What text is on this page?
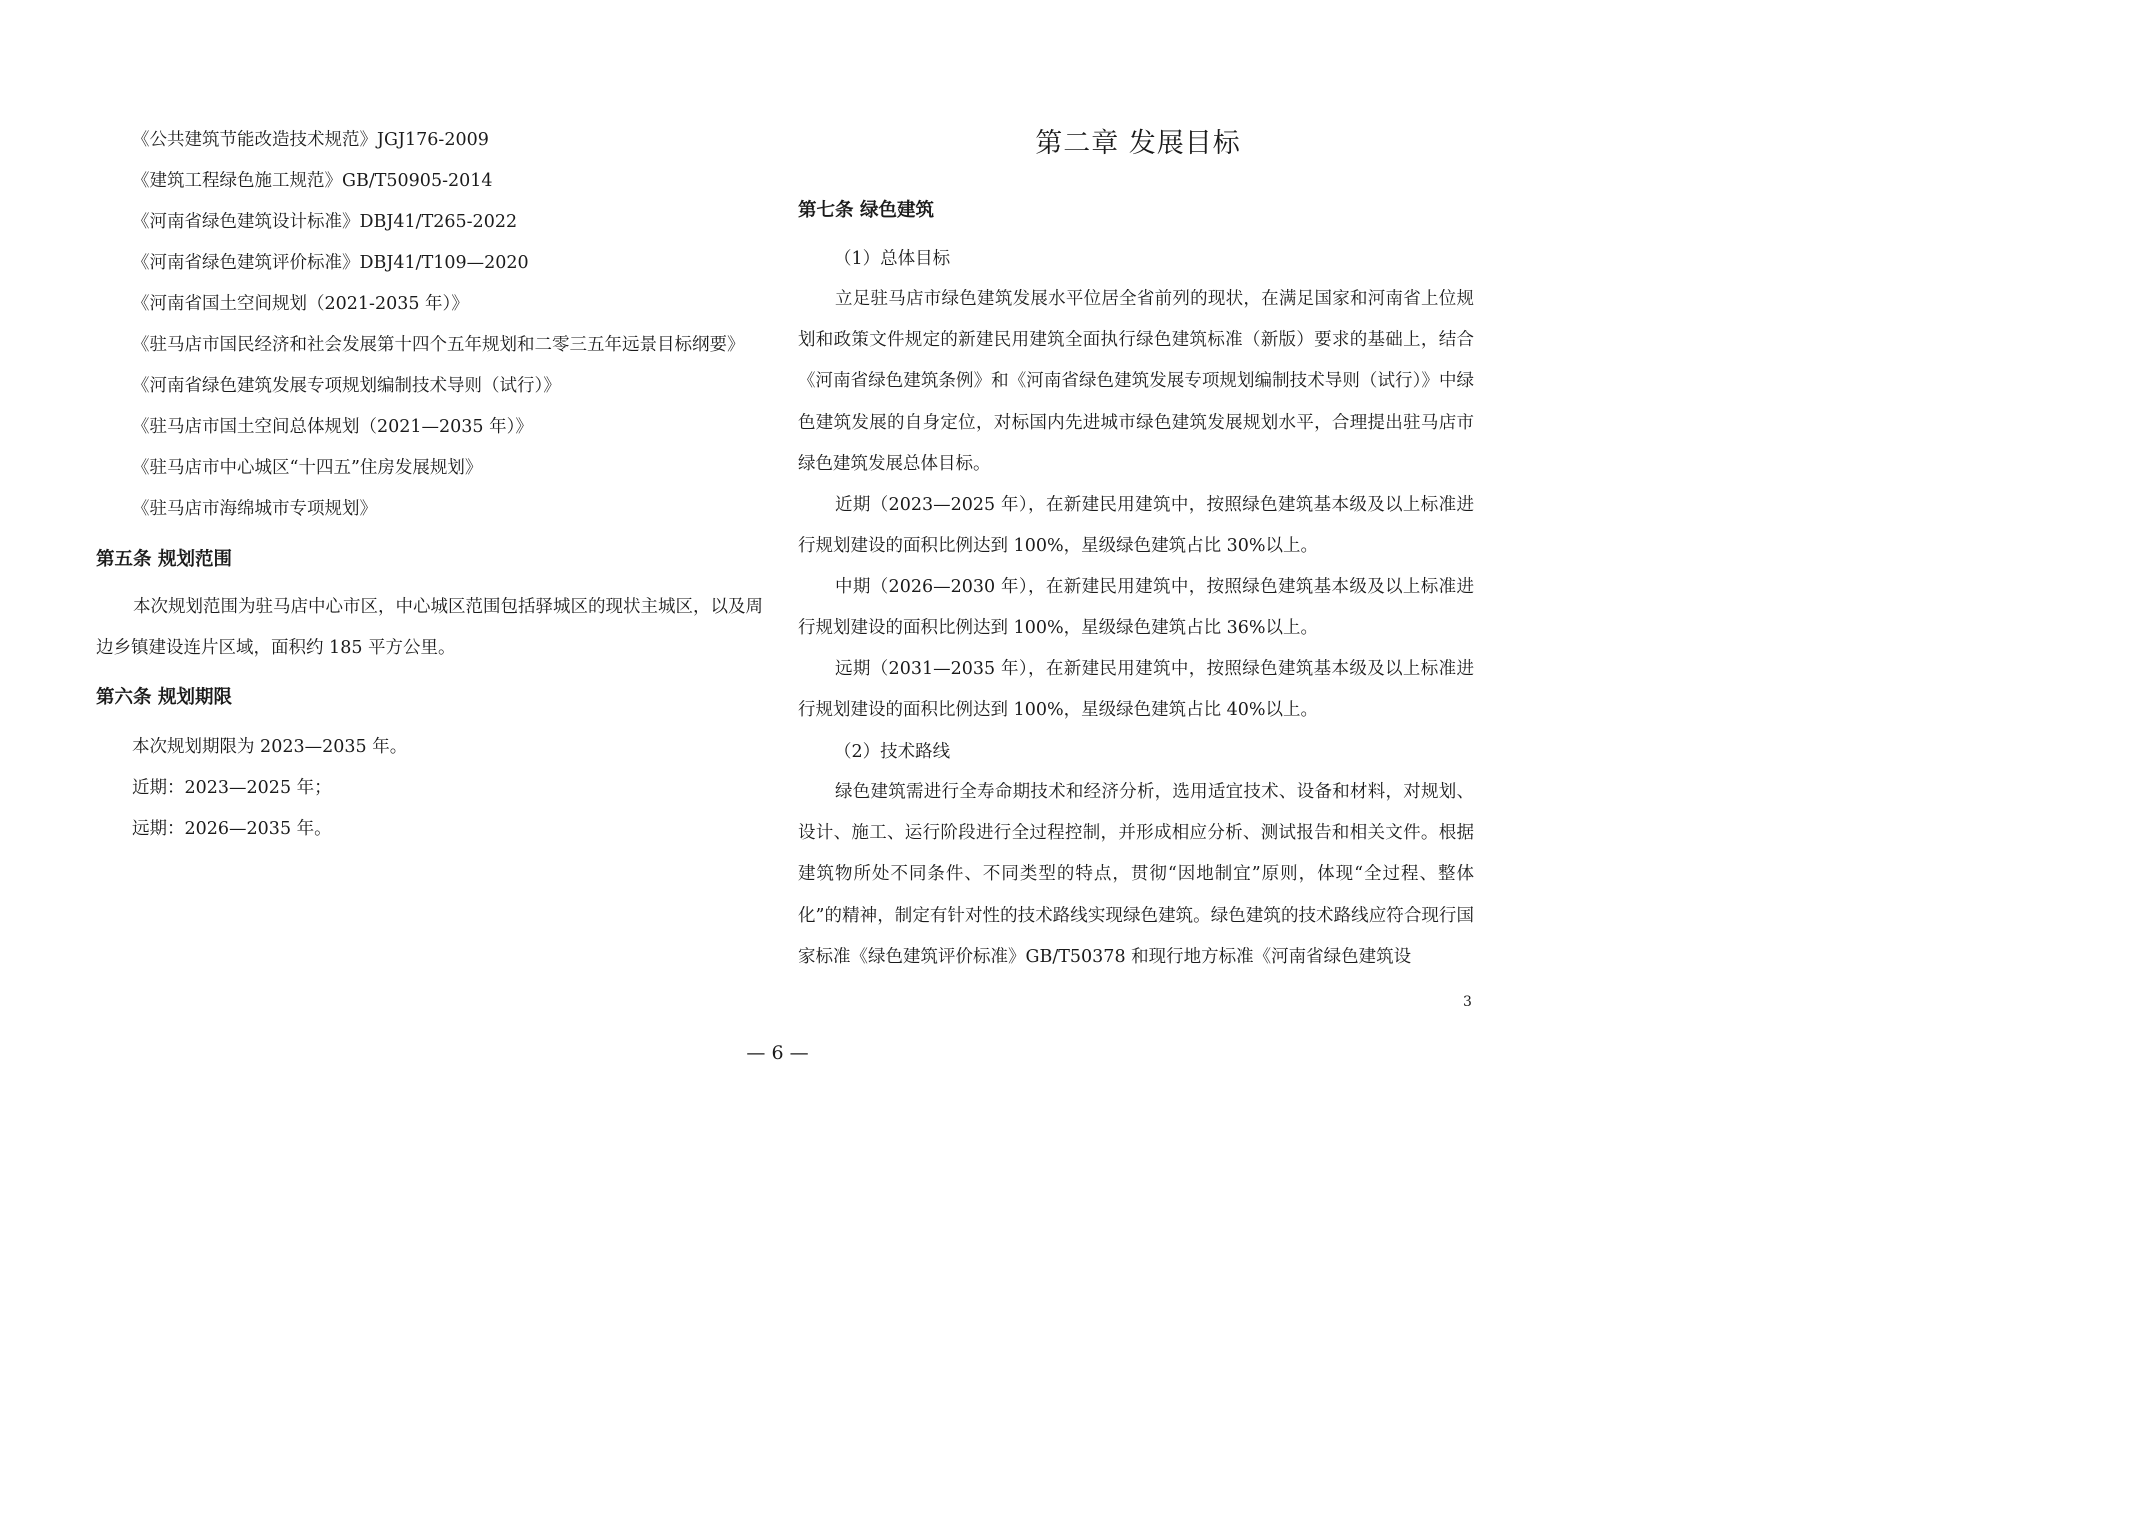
《公共建筑节能改造技术规范》JGJ176-2009
《建筑工程绿色施工规范》GB/T50905-2014
《河南省绿色建筑设计标准》DBJ41/T265-2022
《河南省绿色建筑评价标准》DBJ41/T109—2020
《河南省国土空间规划（2021-2035 年）》
《驻马店市国民经济和社会发展第十四个五年规划和二零三五年远景目标纲要》
《河南省绿色建筑发展专项规划编制技术导则（试行）》
《驻马店市国土空间总体规划（2021—2035 年）》
《驻马店市中心城区“十四五”住房发展规划》
《驻马店市海绵城市专项规划》
第五条 规划范围

本次规划范围为驻马店中心市区，中心城区范围包括驿城区的现状主城区，以及周边乡镇建设连片区域，面积约 185 平方公里。

第六条 规划期限
本次规划期限为 2023—2035 年。
近期：2023—2025 年；
远期：2026—2035 年。
第二章 发展目标
第七条 绿色建筑
（1）总体目标

立足驻马店市绿色建筑发展水平位居全省前列的现状，在满足国家和河南省上位规划和政策文件规定的新建民用建筑全面执行绿色建筑标准（新版）要求的基础上，结合《河南省绿色建筑条例》和《河南省绿色建筑发展专项规划编制技术导则（试行）》中绿色建筑发展的自身定位，对标国内先进城市绿色建筑发展规划水平，合理提出驻马店市绿色建筑发展总体目标。

近期（2023—2025 年），在新建民用建筑中，按照绿色建筑基本级及以上标准进行规划建设的面积比例达到 100%，星级绿色建筑占比 30%以上。

中期（2026—2030 年），在新建民用建筑中，按照绿色建筑基本级及以上标准进行规划建设的面积比例达到 100%，星级绿色建筑占比 36%以上。

远期（2031—2035 年），在新建民用建筑中，按照绿色建筑基本级及以上标准进行规划建设的面积比例达到 100%，星级绿色建筑占比 40%以上。

（2）技术路线

绿色建筑需进行全寿命期技术和经济分析，选用适宜技术、设备和材料，对规划、设计、施工、运行阶段进行全过程控制，并形成相应分析、测试报告和相关文件。根据建筑物所处不同条件、不同类型的特点，贯彻“因地制宜”原则，体现“全过程、整体化”的精神，制定有针对性的技术路线实现绿色建筑。绿色建筑的技术路线应符合现行国家标准《绿色建筑评价标准》GB/T50378 和现行地方标准《河南省绿色建筑设

3
— 6 —
